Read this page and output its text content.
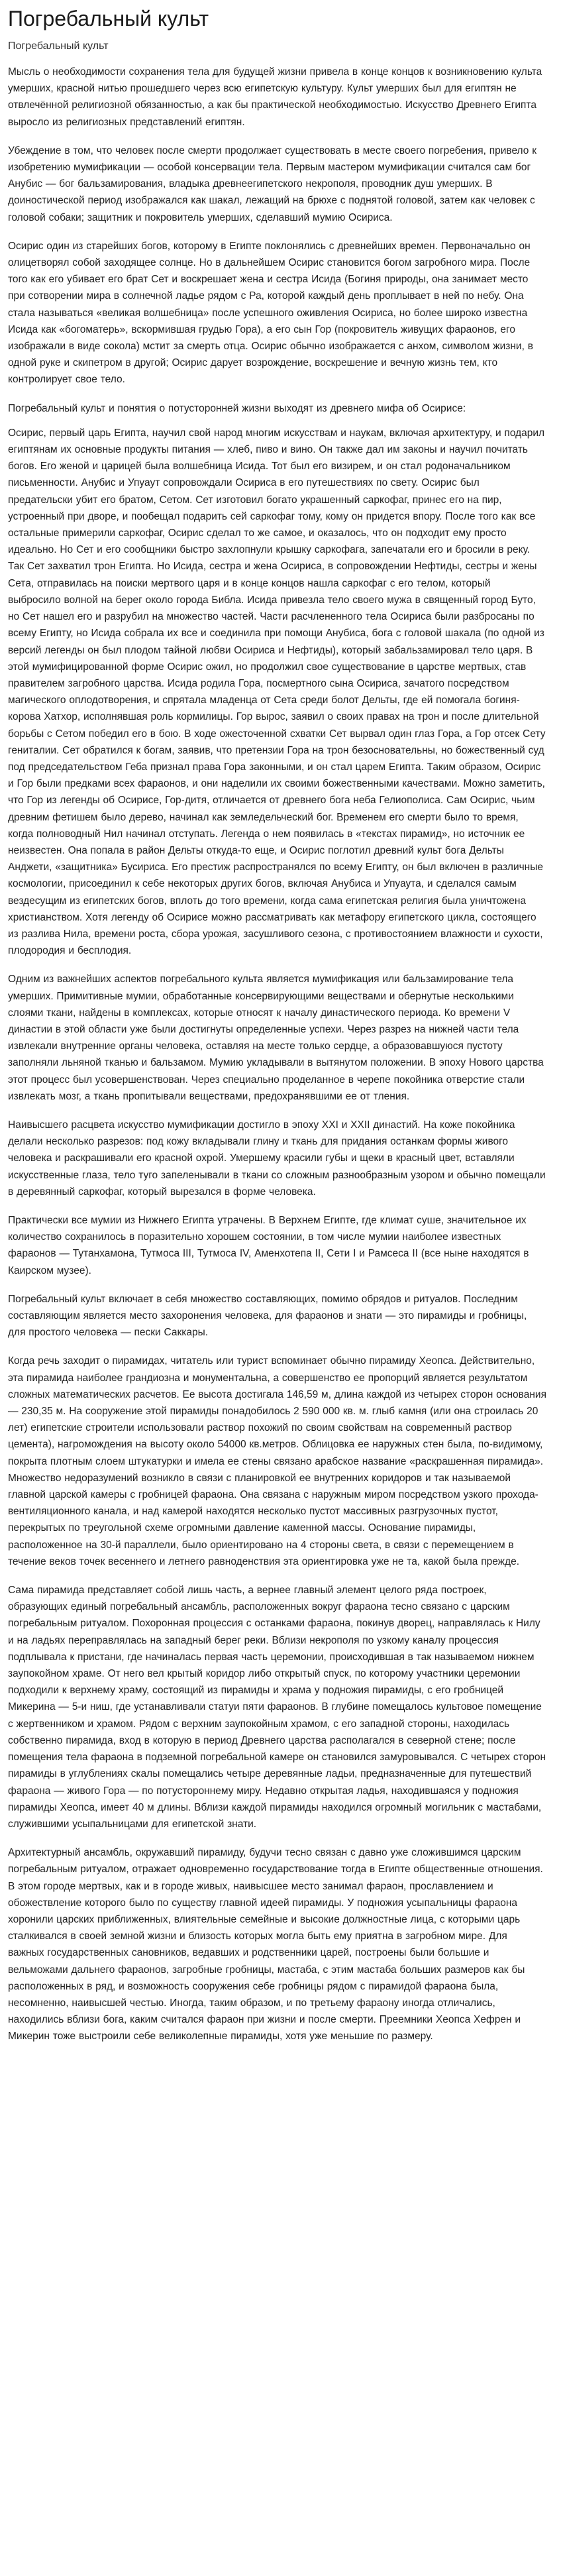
Погребальный культ
Погребальный культ

Мысль о необходимости сохранения тела для будущей жизни привела в конце концов к возникновению культа умерших, красной нитью прошедшего через всю египетскую культуру. Культ умерших был для египтян не отвлечённой религиозной обязанностью, а как бы практической необходимостью. Искусство Древнего Египта выросло из религиозных представлений египтян.

Убеждение в том, что человек после смерти продолжает существовать в месте своего погребения, привело к изобретению мумификации — особой консервации тела. Первым мастером мумификации считался сам бог Анубис — бог бальзамирования, владыка древнеегипетского некрополя, проводник душ умерших. В доиностической период изображался как шакал, лежащий на брюхе с поднятой головой, затем как человек с головой собаки; защитник и покровитель умерших, сделавший мумию Осириса.

Осирис один из старейших богов, которому в Египте поклонялись с древнейших времен. Первоначально он олицетворял собой заходящее солнце. Но в дальнейшем Осирис становится богом загробного мира. После того как его убивает его брат Сет и воскрешает жена и сестра Исида (Богиня природы, она занимает место при сотворении мира в солнечной ладье рядом с Ра, которой каждый день проплывает в ней по небу. Она стала называться «великая волшебница» после успешного оживления Осириса, но более широко известна Исида как «богоматерь», вскормившая грудью Гора), а его сын Гор (покровитель живущих фараонов, его изображали в виде сокола) мстит за смерть отца. Осирис обычно изображается с анхом, символом жизни, в одной руке и скипетром в другой; Осирис дарует возрождение, воскрешение и вечную жизнь тем, кто контролирует свое тело.

Погребальный культ и понятия о потусторонней жизни выходят из древнего мифа об Осирисе:

Осирис, первый царь Египта, научил свой народ многим искусствам и наукам, включая архитектуру, и подарил египтянам их основные продукты питания — хлеб, пиво и вино. Он также дал им законы и научил почитать богов. Его женой и царицей была волшебница Исида. Тот был его визирем, и он стал родоначальником письменности. Анубис и Упуаут сопровождали Осириса в его путешествиях по свету. Осирис был предательски убит его братом, Сетом. Сет изготовил богато украшенный саркофаг, принес его на пир, устроенный при дворе, и пообещал подарить сей саркофаг тому, кому он придется впору. После того как все остальные примерили саркофаг, Осирис сделал то же самое, и оказалось, что он подходит ему просто идеально. Но Сет и его сообщники быстро захлопнули крышку саркофага, запечатали его и бросили в реку. Так Сет захватил трон Египта. Но Исида, сестра и жена Осириса, в сопровождении Нефтиды, сестры и жены Сета, отправилась на поиски мертвого царя и в конце концов нашла саркофаг с его телом, который выбросило волной на берег около города Библа. Исида привезла тело своего мужа в священный город Буто, но Сет нашел его и разрубил на множество частей. Части расчлененного тела Осириса были разбросаны по всему Египту, но Исида собрала их все и соединила при помощи Анубиса, бога с головой шакала (по одной из версий легенды он был плодом тайной любви Осириса и Нефтиды), который забальзамировал тело царя. В этой мумифицированной форме Осирис ожил, но продолжил свое существование в царстве мертвых, став правителем загробного царства. Исида родила Гора, посмертного сына Осириса, зачатого посредством магического оплодотворения, и спрятала младенца от Сета среди болот Дельты, где ей помогала богиня-корова Хатхор, исполнявшая роль кормилицы. Гор вырос, заявил о своих правах на трон и после длительной борьбы с Сетом победил его в бою. В ходе ожесточенной схватки Сет вырвал один глаз Гора, а Гор отсек Сету гениталии. Сет обратился к богам, заявив, что претензии Гора на трон безосновательны, но божественный суд под председательством Геба признал права Гора законными, и он стал царем Египта. Таким образом, Осирис и Гор были предками всех фараонов, и они наделили их своими божественными качествами. Можно заметить, что Гор из легенды об Осирисе, Гор-дитя, отличается от древнего бога неба Гелиополиса. Сам Осирис, чьим древним фетишем было дерево, начинал как земледельческий бог. Временем его смерти было то время, когда полноводный Нил начинал отступать. Легенда о нем появилась в «текстах пирамид», но источник ее неизвестен. Она попала в район Дельты откуда-то еще, и Осирис поглотил древний культ бога Дельты Анджети, «защитника» Бусириса. Его престиж распространялся по всему Египту, он был включен в различные космологии, присоединил к себе некоторых других богов, включая Анубиса и Упуаута, и сделался самым вездесущим из египетских богов, вплоть до того времени, когда сама египетская религия была уничтожена христианством. Хотя легенду об Осирисе можно рассматривать как метафору египетского цикла, состоящего из разлива Нила, времени роста, сбора урожая, засушливого сезона, с противостоянием влажности и сухости, плодородия и бесплодия.

Одним из важнейших аспектов погребального культа является мумификация или бальзамирование тела умерших. Примитивные мумии, обработанные консервирующими веществами и обернутые несколькими слоями ткани, найдены в комплексах, которые относят к началу династического периода. Ко времени V династии в этой области уже были достигнуты определенные успехи. Через разрез на нижней части тела извлекали внутренние органы человека, оставляя на месте только сердце, а образовавшуюся пустоту заполняли льняной тканью и бальзамом. Мумию укладывали в вытянутом положении. В эпоху Нового царства этот процесс был усовершенствован. Через специально проделанное в черепе покойника отверстие стали извлекать мозг, а ткань пропитывали веществами, предохранявшими ее от тления.

Наивысшего расцвета искусство мумификации достигло в эпоху XXI и XXII династий. На коже покойника делали несколько разрезов: под кожу вкладывали глину и ткань для придания останкам формы живого человека и раскрашивали его красной охрой. Умершему красили губы и щеки в красный цвет, вставляли искусственные глаза, тело туго запеленывали в ткани со сложным разнообразным узором и обычно помещали в деревянный саркофаг, который вырезался в форме человека.

Практически все мумии из Нижнего Египта утрачены. В Верхнем Египте, где климат суше, значительное их количество сохранилось в поразительно хорошем состоянии, в том числе мумии наиболее известных фараонов — Тутанхамона, Тутмоса III, Тутмоса IV, Аменхотепа II, Сети I и Рамсеса II (все ныне находятся в Каирском музее).

Погребальный культ включает в себя множество составляющих, помимо обрядов и ритуалов. Последним составляющим является место захоронения человека, для фараонов и знати — это пирамиды и гробницы, для простого человека — пески Саккары.

Когда речь заходит о пирамидах, читатель или турист вспоминает обычно пирамиду Хеопса. Действительно, эта пирамида наиболее грандиозна и монументальна, а совершенство ее пропорций является результатом сложных математических расчетов. Ее высота достигала 146,59 м, длина каждой из четырех сторон основания — 230,35 м. На сооружение этой пирамиды понадобилось 2 590 000 кв. м. глыб камня (или она строилась 20 лет) египетские строители использовали раствор похожий по своим свойствам на современный раствор цемента), нагромождения на высоту около 54000 кв.метров. Облицовка ее наружных стен была, по-видимому, покрыта плотным слоем штукатурки и имела ее стены связано арабское название «раскрашенная пирамида». Множество недоразумений возникло в связи с планировкой ее внутренних коридоров и так называемой главной царской камеры с гробницей фараона. Она связана с наружным миром посредством узкого прохода-вентиляционного канала, и над камерой находятся несколько пустот массивных разгрузочных пустот, перекрытых по треугольной схеме огромными давление каменной массы. Основание пирамиды, расположенное на 30-й параллели, было ориентировано на 4 стороны света, в связи с перемещением в течение веков точек весеннего и летнего равноденствия эта ориентировка уже не та, какой была прежде.

Сама пирамида представляет собой лишь часть, а вернее главный элемент целого ряда построек, образующих единый погребальный ансамбль, расположенных вокруг фараона тесно связано с царским погребальным ритуалом. Похоронная процессия с останками фараона, покинув дворец, направлялась к Нилу и на ладьях переправлялась на западный берег реки. Вблизи некрополя по узкому каналу процессия подплывала к пристани, где начиналась первая часть церемонии, происходившая в так называемом нижнем заупокойном храме. От него вел крытый коридор либо открытый спуск, по которому участники церемонии подходили к верхнему храму, состоящий из пирамиды и храма у подножия пирамиды, с его гробницей Микерина — 5-и ниш, где устанавливали статуи пяти фараонов. В глубине помещалось культовое помещение с жертвенником и храмом. Рядом с верхним заупокойным храмом, с его западной стороны, находилась собственно пирамида, вход в которую в период Древнего царства располагался в северной стене; после помещения тела фараона в подземной погребальной камере он становился замуровывался. С четырех сторон пирамиды в углублениях скалы помещались четыре деревянные ладьи, предназначенные для путешествий фараона — живого Гора — по потустороннему миру. Недавно открытая ладья, находившаяся у подножия пирамиды Хеопса, имеет 40 м длины. Вблизи каждой пирамиды находился огромный могильник с мастабами, служившими усыпальницами для египетской знати.

Архитектурный ансамбль, окружавший пирамиду, будучи тесно связан с давно уже сложившимся царским погребальным ритуалом, отражает одновременно государствование тогда в Египте общественные отношения. В этом городе мертвых, как и в городе живых, наивысшее место занимал фараон, прославлением и обожествление которого было по существу главной идеей пирамиды. У подножия усыпальницы фараона хоронили царских приближенных, влиятельные семейные и высокие должностные лица, с которыми царь сталкивался в своей земной жизни и близость которых могла быть ему приятна в загробном мире. Для важных государственных сановников, ведавших и родственники царей, построены были большие и вельможами дальнего фараонов, загробные гробницы, мастаба, с этим мастаба больших размеров как бы расположенных в ряд, и возможность сооружения себе гробницы рядом с пирамидой фараона была, несомненно, наивысшей честью. Иногда, таким образом, и по третьему фараону иногда отличались, находились вблизи бога, каким считался фараон при жизни и после смерти. Преемники Хеопса Хефрен и Микерин тоже выстроили себе великолепные пирамиды, хотя уже меньшие по размеру.
